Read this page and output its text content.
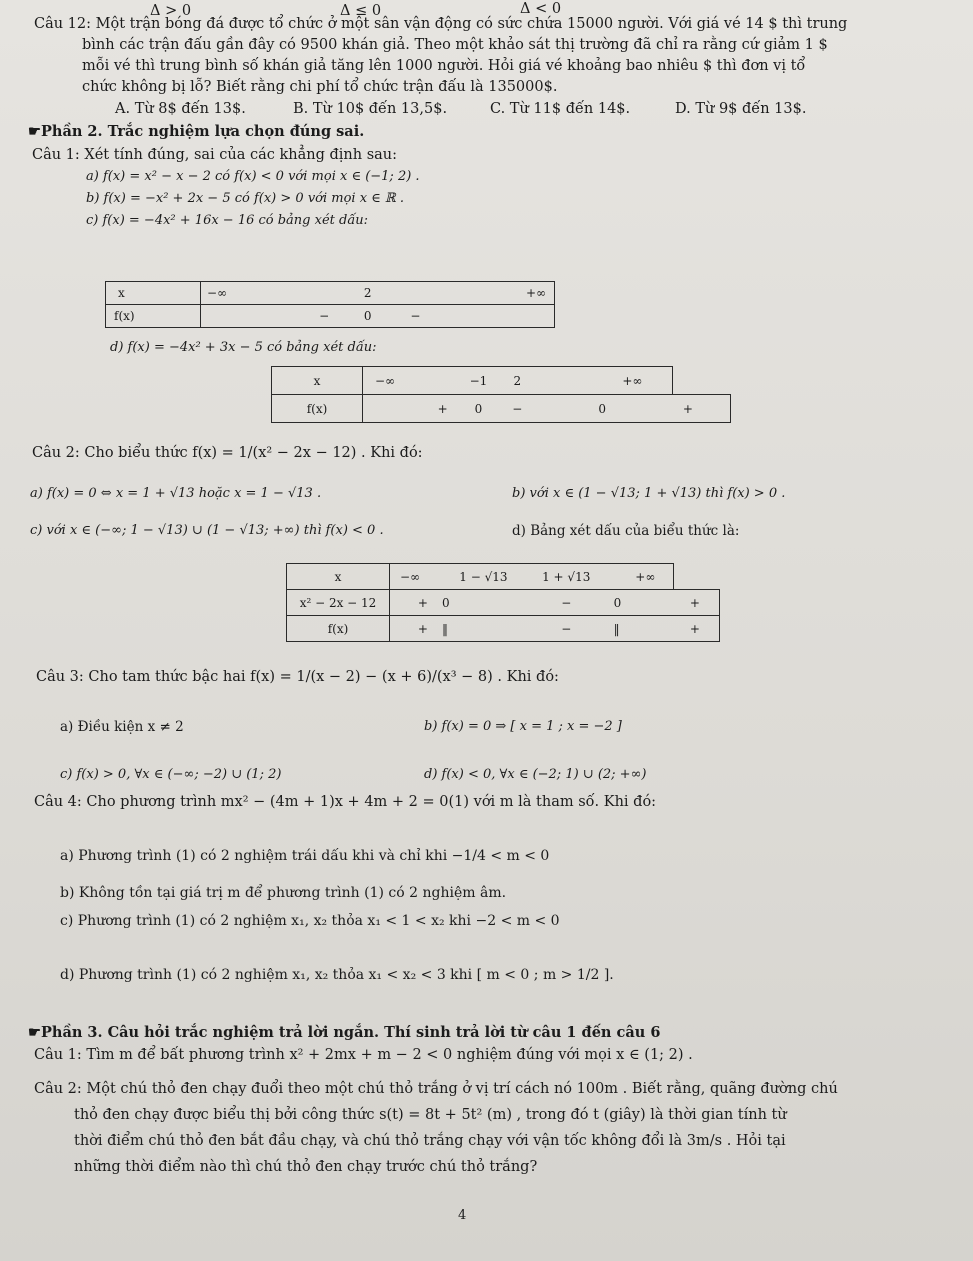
Δ > 0	Δ ≤ 0	Δ < 0
Câu 12: Một trận bóng đá được tổ chức ở một sân vận động có sức chứa 15000 người. Với giá vé 14 $ thì trung
bình các trận đấu gần đây có 9500 khán giả. Theo một khảo sát thị trường đã chỉ ra rằng cứ giảm 1 $
mỗi vé thì trung bình số khán giả tăng lên 1000 người. Hỏi giá vé khoảng bao nhiêu $ thì đơn vị tổ
chức không bị lỗ? Biết rằng chi phí tổ chức trận đấu là 135000$.
A. Từ 8$ đến 13$.	B. Từ 10$ đến 13,5$.	C. Từ 11$ đến 14$.	D. Từ 9$ đến 13$.
☛Phần 2. Trắc nghiệm lựa chọn đúng sai.
Câu 1: Xét tính đúng, sai của các khẳng định sau:
a) f(x) = x² − x − 2 có f(x) < 0 với mọi x ∈ (−1; 2) .
b) f(x) = −x² + 2x − 5 có f(x) > 0 với mọi x ∈ ℝ .
c) f(x) = −4x² + 16x − 16 có bảng xét dấu:
x	−∞	2	+∞
f(x)	−	0	−
d) f(x) = −4x² + 3x − 5 có bảng xét dấu:
x	−∞	−1	2	+∞	
f(x)	+	0	−	0	+
Câu 2: Cho biểu thức f(x) = 1/(x² − 2x − 12) . Khi đó:
a) f(x) = 0 ⇔ x = 1 + √13 hoặc x = 1 − √13 .	b) với x ∈ (1 − √13; 1 + √13) thì f(x) > 0 .
c) với x ∈ (−∞; 1 − √13) ∪ (1 − √13; +∞) thì f(x) < 0 .	d) Bảng xét dấu của biểu thức là:
x	−∞	1 − √13	1 + √13	+∞	
x² − 2x − 12	+	0	−	0	+
f(x)	+	‖	−	‖	+
Câu 3: Cho tam thức bậc hai f(x) = 1/(x − 2) − (x + 6)/(x³ − 8) . Khi đó:
a) Điều kiện x ≠ 2	b) f(x) = 0 ⇒ [ x = 1 ; x = −2 ]
c) f(x) > 0, ∀x ∈ (−∞; −2) ∪ (1; 2)	d) f(x) < 0, ∀x ∈ (−2; 1) ∪ (2; +∞)
Câu 4: Cho phương trình mx² − (4m + 1)x + 4m + 2 = 0(1) với m là tham số. Khi đó:
a) Phương trình (1) có 2 nghiệm trái dấu khi và chỉ khi −1/4 < m < 0
b) Không tồn tại giá trị m để phương trình (1) có 2 nghiệm âm.
c) Phương trình (1) có 2 nghiệm x₁, x₂ thỏa x₁ < 1 < x₂ khi −2 < m < 0
d) Phương trình (1) có 2 nghiệm x₁, x₂ thỏa x₁ < x₂ < 3 khi [ m < 0 ; m > 1/2 ].
☛Phần 3. Câu hỏi trắc nghiệm trả lời ngắn. Thí sinh trả lời từ câu 1 đến câu 6
Câu 1: Tìm m để bất phương trình x² + 2mx + m − 2 < 0 nghiệm đúng với mọi x ∈ (1; 2) .
Câu 2: Một chú thỏ đen chạy đuổi theo một chú thỏ trắng ở vị trí cách nó 100m . Biết rằng, quãng đường chú
thỏ đen chạy được biểu thị bởi công thức s(t) = 8t + 5t² (m) , trong đó t (giây) là thời gian tính từ
thời điểm chú thỏ đen bắt đầu chạy, và chú thỏ trắng chạy với vận tốc không đổi là 3m/s . Hỏi tại
những thời điểm nào thì chú thỏ đen chạy trước chú thỏ trắng?
4
